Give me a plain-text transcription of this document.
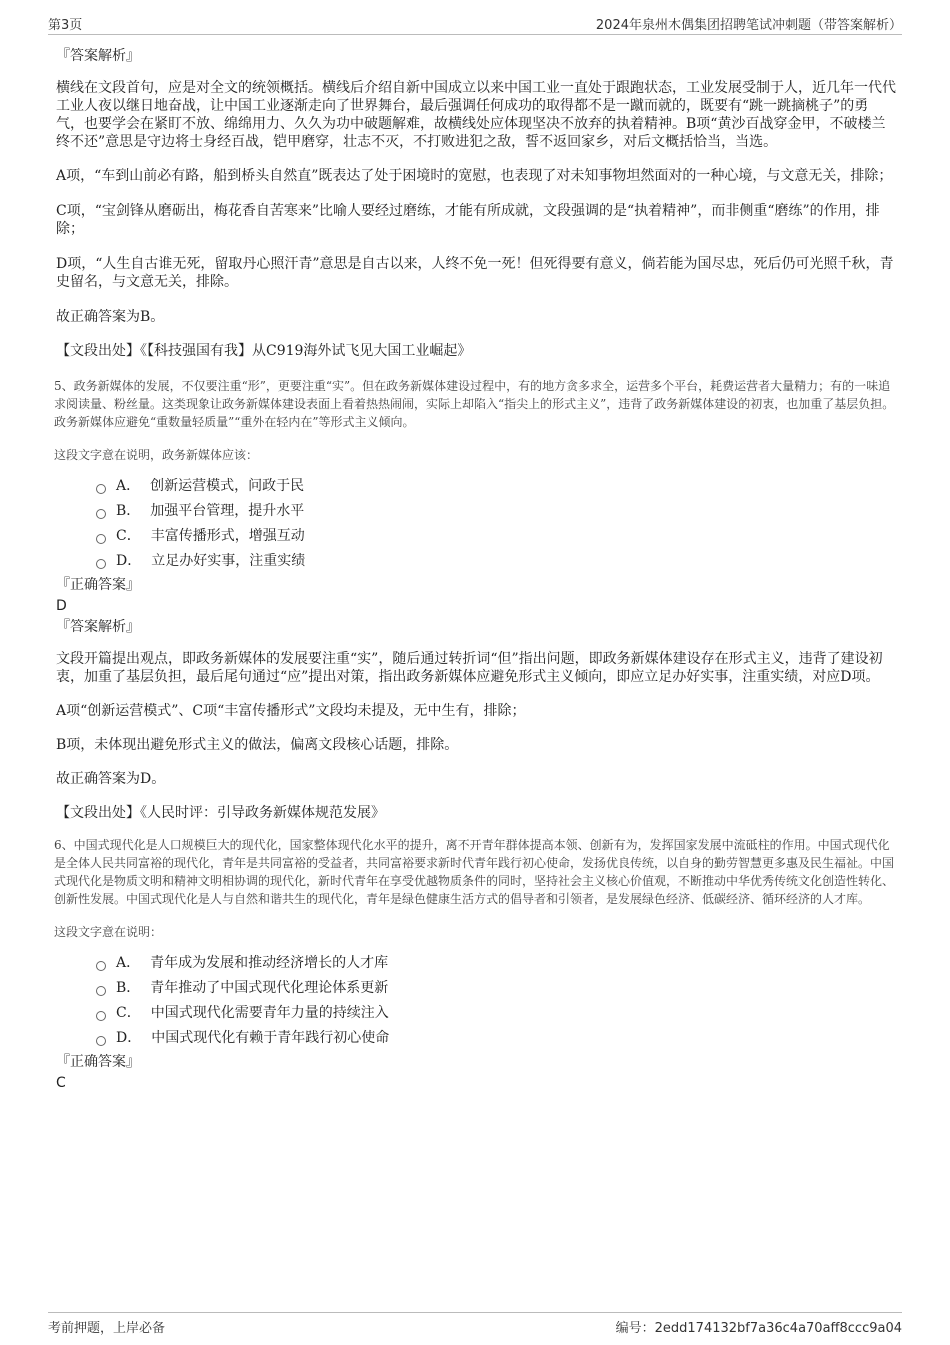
第3页	2024年泉州木偶集团招聘笔试冲刺题（带答案解析）

『答案解析』

横线在文段首句，应是对全文的统领概括。横线后介绍自新中国成立以来中国工业一直处于跟跑状态，工业发展受制于人，近几年一代代工业人夜以继日地奋战，让中国工业逐渐走向了世界舞台，最后强调任何成功的取得都不是一蹴而就的，既要有“跳一跳摘桃子”的勇气，也要学会在紧盯不放、绵绵用力、久久为功中破题解难，故横线处应体现坚决不放弃的执着精神。B项“黄沙百战穿金甲，不破楼兰终不还”意思是守边将士身经百战，铠甲磨穿，壮志不灭，不打败进犯之敌，誓不返回家乡，对后文概括恰当，当选。

A项，“车到山前必有路，船到桥头自然直”既表达了处于困境时的宽慰，也表现了对未知事物坦然面对的一种心境，与文意无关，排除；

C项，“宝剑锋从磨砺出，梅花香自苦寒来”比喻人要经过磨练，才能有所成就，文段强调的是“执着精神”，而非侧重“磨练”的作用，排除；

D项，“人生自古谁无死，留取丹心照汗青”意思是自古以来，人终不免一死！但死得要有意义，倘若能为国尽忠，死后仍可光照千秋，青史留名，与文意无关，排除。

故正确答案为B。

【文段出处】《【科技强国有我】从C919海外试飞见大国工业崛起》

5、政务新媒体的发展，不仅要注重“形”，更要注重“实”。但在政务新媒体建设过程中，有的地方贪多求全，运营多个平台，耗费运营者大量精力；有的一味追求阅读量、粉丝量。这类现象让政务新媒体建设表面上看着热热闹闹，实际上却陷入“指尖上的形式主义”，违背了政务新媒体建设的初衷，也加重了基层负担。政务新媒体应避免“重数量轻质量”“重外在轻内在”等形式主义倾向。

这段文字意在说明，政务新媒体应该：

A． 创新运营模式，问政于民
B． 加强平台管理，提升水平
C． 丰富传播形式，增强互动
D． 立足办好实事，注重实绩

『正确答案』

D

『答案解析』

文段开篇提出观点，即政务新媒体的发展要注重“实”，随后通过转折词“但”指出问题，即政务新媒体建设存在形式主义，违背了建设初衷，加重了基层负担，最后尾句通过“应”提出对策，指出政务新媒体应避免形式主义倾向，即应立足办好实事，注重实绩，对应D项。

A项“创新运营模式”、C项“丰富传播形式”文段均未提及，无中生有，排除；

B项，未体现出避免形式主义的做法，偏离文段核心话题，排除。

故正确答案为D。

【文段出处】《人民时评：引导政务新媒体规范发展》

6、中国式现代化是人口规模巨大的现代化，国家整体现代化水平的提升，离不开青年群体提高本领、创新有为，发挥国家发展中流砥柱的作用。中国式现代化是全体人民共同富裕的现代化，青年是共同富裕的受益者，共同富裕要求新时代青年践行初心使命，发扬优良传统，以自身的勤劳智慧更多惠及民生福祉。中国式现代化是物质文明和精神文明相协调的现代化，新时代青年在享受优越物质条件的同时，坚持社会主义核心价值观，不断推动中华优秀传统文化创造性转化、创新性发展。中国式现代化是人与自然和谐共生的现代化，青年是绿色健康生活方式的倡导者和引领者，是发展绿色经济、低碳经济、循环经济的人才库。

这段文字意在说明：

A． 青年成为发展和推动经济增长的人才库
B． 青年推动了中国式现代化理论体系更新
C． 中国式现代化需要青年力量的持续注入
D． 中国式现代化有赖于青年践行初心使命

『正确答案』

C

考前押题，上岸必备	编号：2edd174132bf7a36c4a70aff8ccc9a04
